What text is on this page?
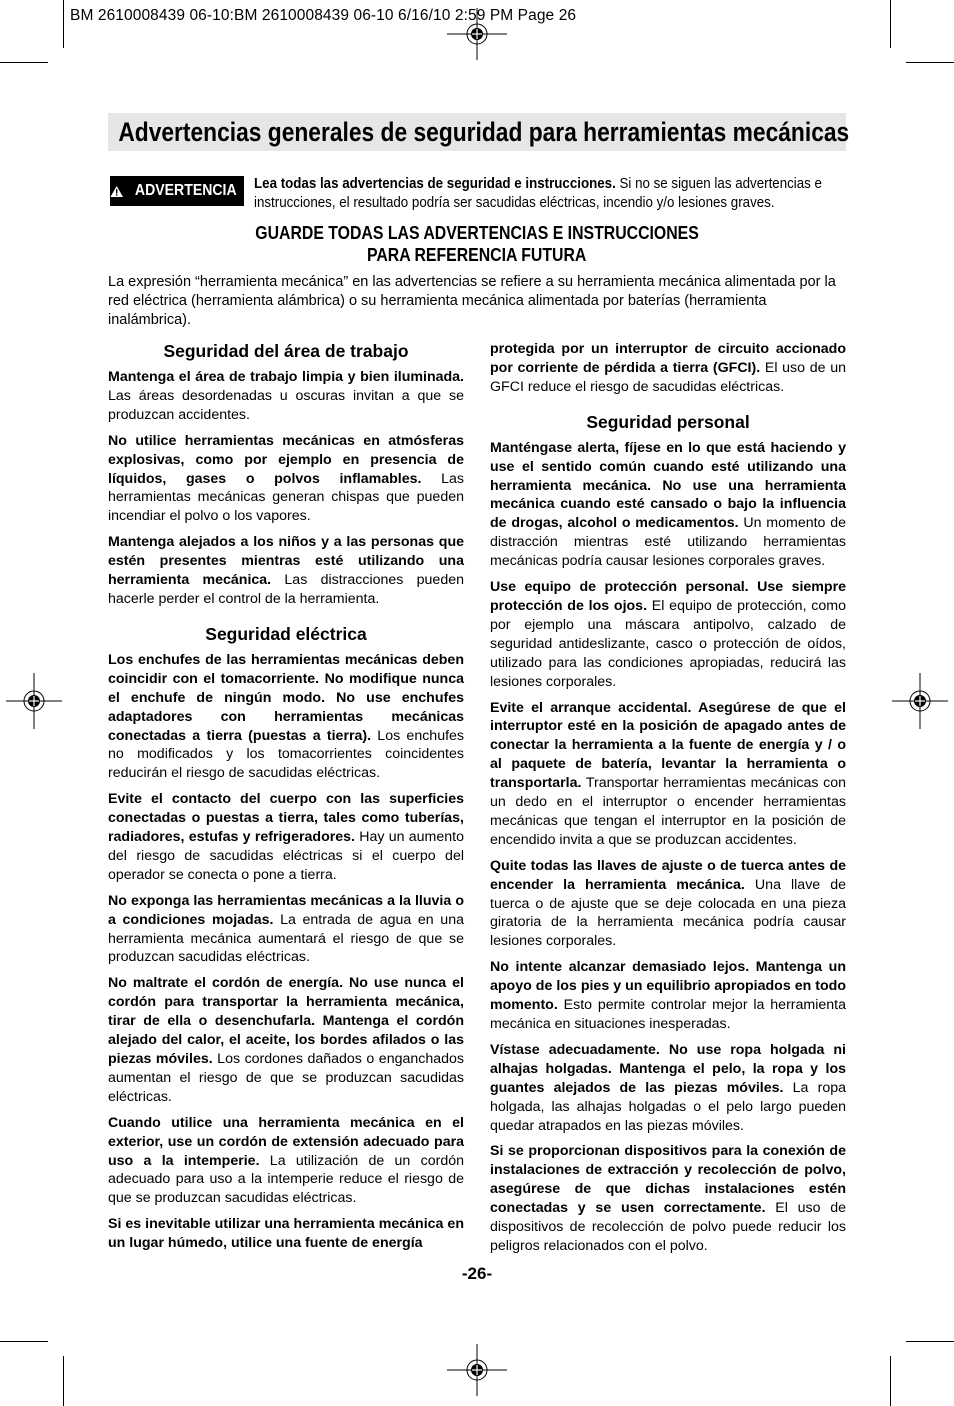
BM 2610008439 06-10:BM 2610008439 06-10 6/16/10 2:59 PM Page 26
Advertencias generales de seguridad para herramientas mecánicas
ADVERTENCIA Lea todas las advertencias de seguridad e instrucciones. Si no se siguen las advertencias e instrucciones, el resultado podría ser sacudidas eléctricas, incendio y/o lesiones graves.
GUARDE TODAS LAS ADVERTENCIAS E INSTRUCCIONES
PARA REFERENCIA FUTURA
La expresión “herramienta mecánica” en las advertencias se refiere a su herramienta mecánica alimentada por la red eléctrica (herramienta alámbrica) o su herramienta mecánica alimentada por baterías (herramienta inalámbrica).
Seguridad del área de trabajo

Mantenga el área de trabajo limpia y bien iluminada. Las áreas desordenadas u oscuras invitan a que se produzcan accidentes.

No utilice herramientas mecánicas en atmósferas explosivas, como por ejemplo en presencia de líquidos, gases o polvos inflamables. Las herramientas mecánicas generan chispas que pueden incendiar el polvo o los vapores.

Mantenga alejados a los niños y a las personas que estén presentes mientras esté utilizando una herramienta mecánica. Las distracciones pueden hacerle perder el control de la herramienta.

Seguridad eléctrica

Los enchufes de las herramientas mecánicas deben coincidir con el tomacorriente. No modifique nunca el enchufe de ningún modo. No use enchufes adaptadores con herramientas mecánicas conectadas a tierra (puestas a tierra). Los enchufes no modificados y los tomacorrientes coincidentes reducirán el riesgo de sacudidas eléctricas.

Evite el contacto del cuerpo con las superficies conectadas o puestas a tierra, tales como tuberías, radiadores, estufas y refrigeradores. Hay un aumento del riesgo de sacudidas eléctricas si el cuerpo del operador se conecta o pone a tierra.

No exponga las herramientas mecánicas a la lluvia o a condiciones mojadas. La entrada de agua en una herramienta mecánica aumentará el riesgo de que se produzcan sacudidas eléctricas.

No maltrate el cordón de energía. No use nunca el cordón para transportar la herramienta mecánica, tirar de ella o desenchufarla. Mantenga el cordón alejado del calor, el aceite, los bordes afilados o las piezas móviles. Los cordones dañados o enganchados aumentan el riesgo de que se produzcan sacudidas eléctricas.

Cuando utilice una herramienta mecánica en el exterior, use un cordón de extensión adecuado para uso a la intemperie. La utilización de un cordón adecuado para uso a la intemperie reduce el riesgo de que se produzcan sacudidas eléctricas.

Si es inevitable utilizar una herramienta mecánica en un lugar húmedo, utilice una fuente de energía

protegida por un interruptor de circuito accionado por corriente de pérdida a tierra (GFCI). El uso de un GFCI reduce el riesgo de sacudidas eléctricas.

Seguridad personal

Manténgase alerta, fíjese en lo que está haciendo y use el sentido común cuando esté utilizando una herramienta mecánica. No use una herramienta mecánica cuando esté cansado o bajo la influencia de drogas, alcohol o medicamentos. Un momento de distracción mientras esté utilizando herramientas mecánicas podría causar lesiones corporales graves.

Use equipo de protección personal. Use siempre protección de los ojos. El equipo de protección, como por ejemplo una máscara antipolvo, calzado de seguridad antideslizante, casco o protección de oídos, utilizado para las condiciones apropiadas, reducirá las lesiones corporales.

Evite el arranque accidental. Asegúrese de que el interruptor esté en la posición de apagado antes de conectar la herramienta a la fuente de energía y / o al paquete de batería, levantar la herramienta o transportarla. Transportar herramientas mecánicas con un dedo en el interruptor o encender herramientas mecánicas que tengan el interruptor en la posición de encendido invita a que se produzcan accidentes.

Quite todas las llaves de ajuste o de tuerca antes de encender la herramienta mecánica. Una llave de tuerca o de ajuste que se deje colocada en una pieza giratoria de la herramienta mecánica podría causar lesiones corporales.

No intente alcanzar demasiado lejos. Mantenga un apoyo de los pies y un equilibrio apropiados en todo momento. Esto permite controlar mejor la herramienta mecánica en situaciones inesperadas.

Vístase adecuadamente. No use ropa holgada ni alhajas holgadas. Mantenga el pelo, la ropa y los guantes alejados de las piezas móviles. La ropa holgada, las alhajas holgadas o el pelo largo pueden quedar atrapados en las piezas móviles.

Si se proporcionan dispositivos para la conexión de instalaciones de extracción y recolección de polvo, asegúrese de que dichas instalaciones estén conectadas y se usen correctamente. El uso de dispositivos de recolección de polvo puede reducir los peligros relacionados con el polvo.

-26-
